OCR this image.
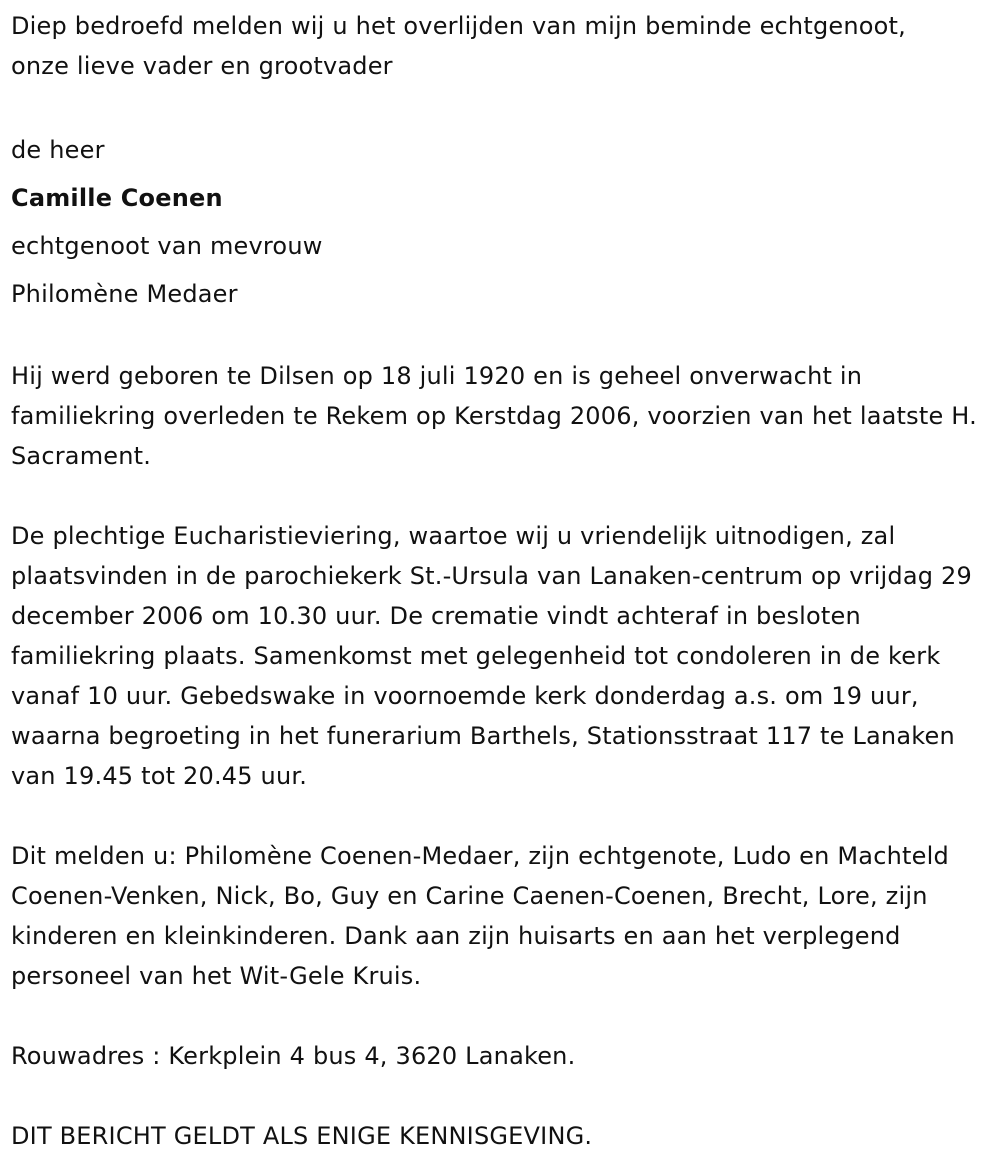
Diep bedroefd melden wij u het overlijden van mijn beminde echtgenoot,
onze lieve vader en grootvader

de heer

Camille Coenen

echtgenoot van mevrouw

Philomène Medaer

Hij werd geboren te Dilsen op 18 juli 1920 en is geheel onverwacht in familiekring overleden te Rekem op Kerstdag 2006, voorzien van het laatste H. Sacrament.

De plechtige Eucharistieviering, waartoe wij u vriendelijk uitnodigen, zal plaatsvinden in de parochiekerk St.-Ursula van Lanaken-centrum op vrijdag 29 december 2006 om 10.30 uur. De crematie vindt achteraf in besloten familiekring plaats. Samenkomst met gelegenheid tot condoleren in de kerk vanaf 10 uur. Gebedswake in voornoemde kerk donderdag a.s. om 19 uur, waarna begroeting in het funerarium Barthels, Stationsstraat 117 te Lanaken van 19.45 tot 20.45 uur.

Dit melden u: Philomène Coenen-Medaer, zijn echtgenote, Ludo en Machteld Coenen-Venken, Nick, Bo, Guy en Carine Caenen-Coenen, Brecht, Lore, zijn kinderen en kleinkinderen. Dank aan zijn huisarts en aan het verplegend personeel van het Wit-Gele Kruis.

Rouwadres : Kerkplein 4 bus 4, 3620 Lanaken.

DIT BERICHT GELDT ALS ENIGE KENNISGEVING.
